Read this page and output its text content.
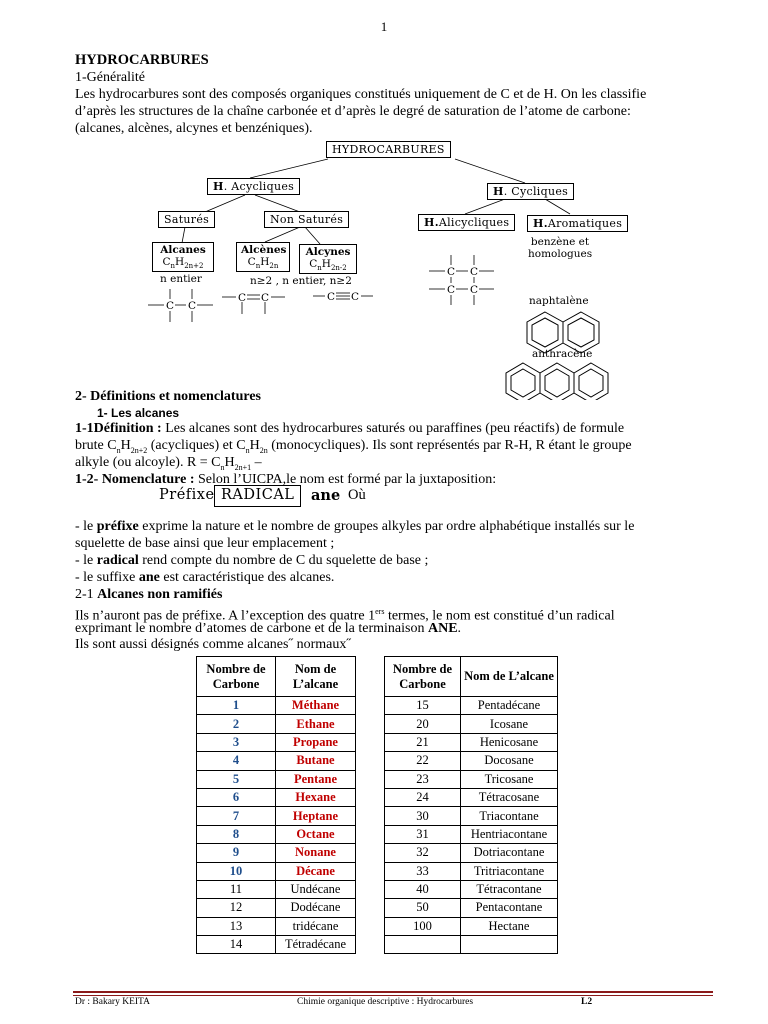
1
HYDROCARBURES
1-Généralité
Les hydrocarbures sont des composés organiques constitués uniquement de C et de H. On les classifie
d’après les structures de la chaîne carbonée et d’après le degré de saturation de l’atome de carbone:
(alcanes, alcènes, alcynes et benzéniques).
C C
C C	C C
C C
C C
HYDROCARBURES
H. Acycliques	H. Cycliques
Saturés	Non Saturés	H.Alicycliques	H.Aromatiques
Alcanes
$C_nH_{2n+2}$
n entier
Alcènes
$C_nH_{2n}$
Alcynes
$C_nH_{2n-2}$
n≥2 , n entier, n≥2
benzène et homologues
naphtalène
anthracène
2- Définitions et nomenclatures
1- Les alcanes
1-1Définition : Les alcanes sont des hydrocarbures saturés ou paraffines (peu réactifs) de formule
brute $C_nH_{2n+2}$ (acycliques) et $C_nH_{2n}$ (monocycliques). Ils sont représentés par R-H, R étant le groupe
alkyle (ou alcoyle). $R = C_nH_{2n+1}$ –
1-2- Nomenclature : Selon l’UICPA,le nom est formé par la juxtaposition:
Préfixe RADICAL	ane Où
- le préfixe exprime la nature et le nombre de groupes alkyles par ordre alphabétique installés sur le
squelette de base ainsi que leur emplacement ;
- le radical rend compte du nombre de C du squelette de base ;
- le suffixe ane est caractéristique des alcanes.
2-1 Alcanes non ramifiés
Ils n’auront pas de préfixe. A l’exception des quatre 1ers termes, le nom est constitué d’un radical
exprimant le nombre d’atomes de carbone et de la terminaison ANE.
Ils sont aussi désignés comme alcanes˝ normaux˝
Nombre de Carbone	Nom de L’alcane
1	Méthane
2	Ethane
3	Propane
4	Butane
5	Pentane
6	Hexane
7	Heptane
8	Octane
9	Nonane
10	Décane
11	Undécane
12	Dodécane
13	tridécane
14	Tétradécane
Nombre de Carbone	Nom de L’alcane
15	Pentadécane
20	Icosane
21	Henicosane
22	Docosane
23	Tricosane
24	Tétracosane
30	Triacontane
31	Hentriacontane
32	Dotriacontane
33	Tritriacontane
40	Tétracontane
50	Pentacontane
100	Hectane

Dr : Bakary KEITA	Chimie organique descriptive : Hydrocarbures	L2
